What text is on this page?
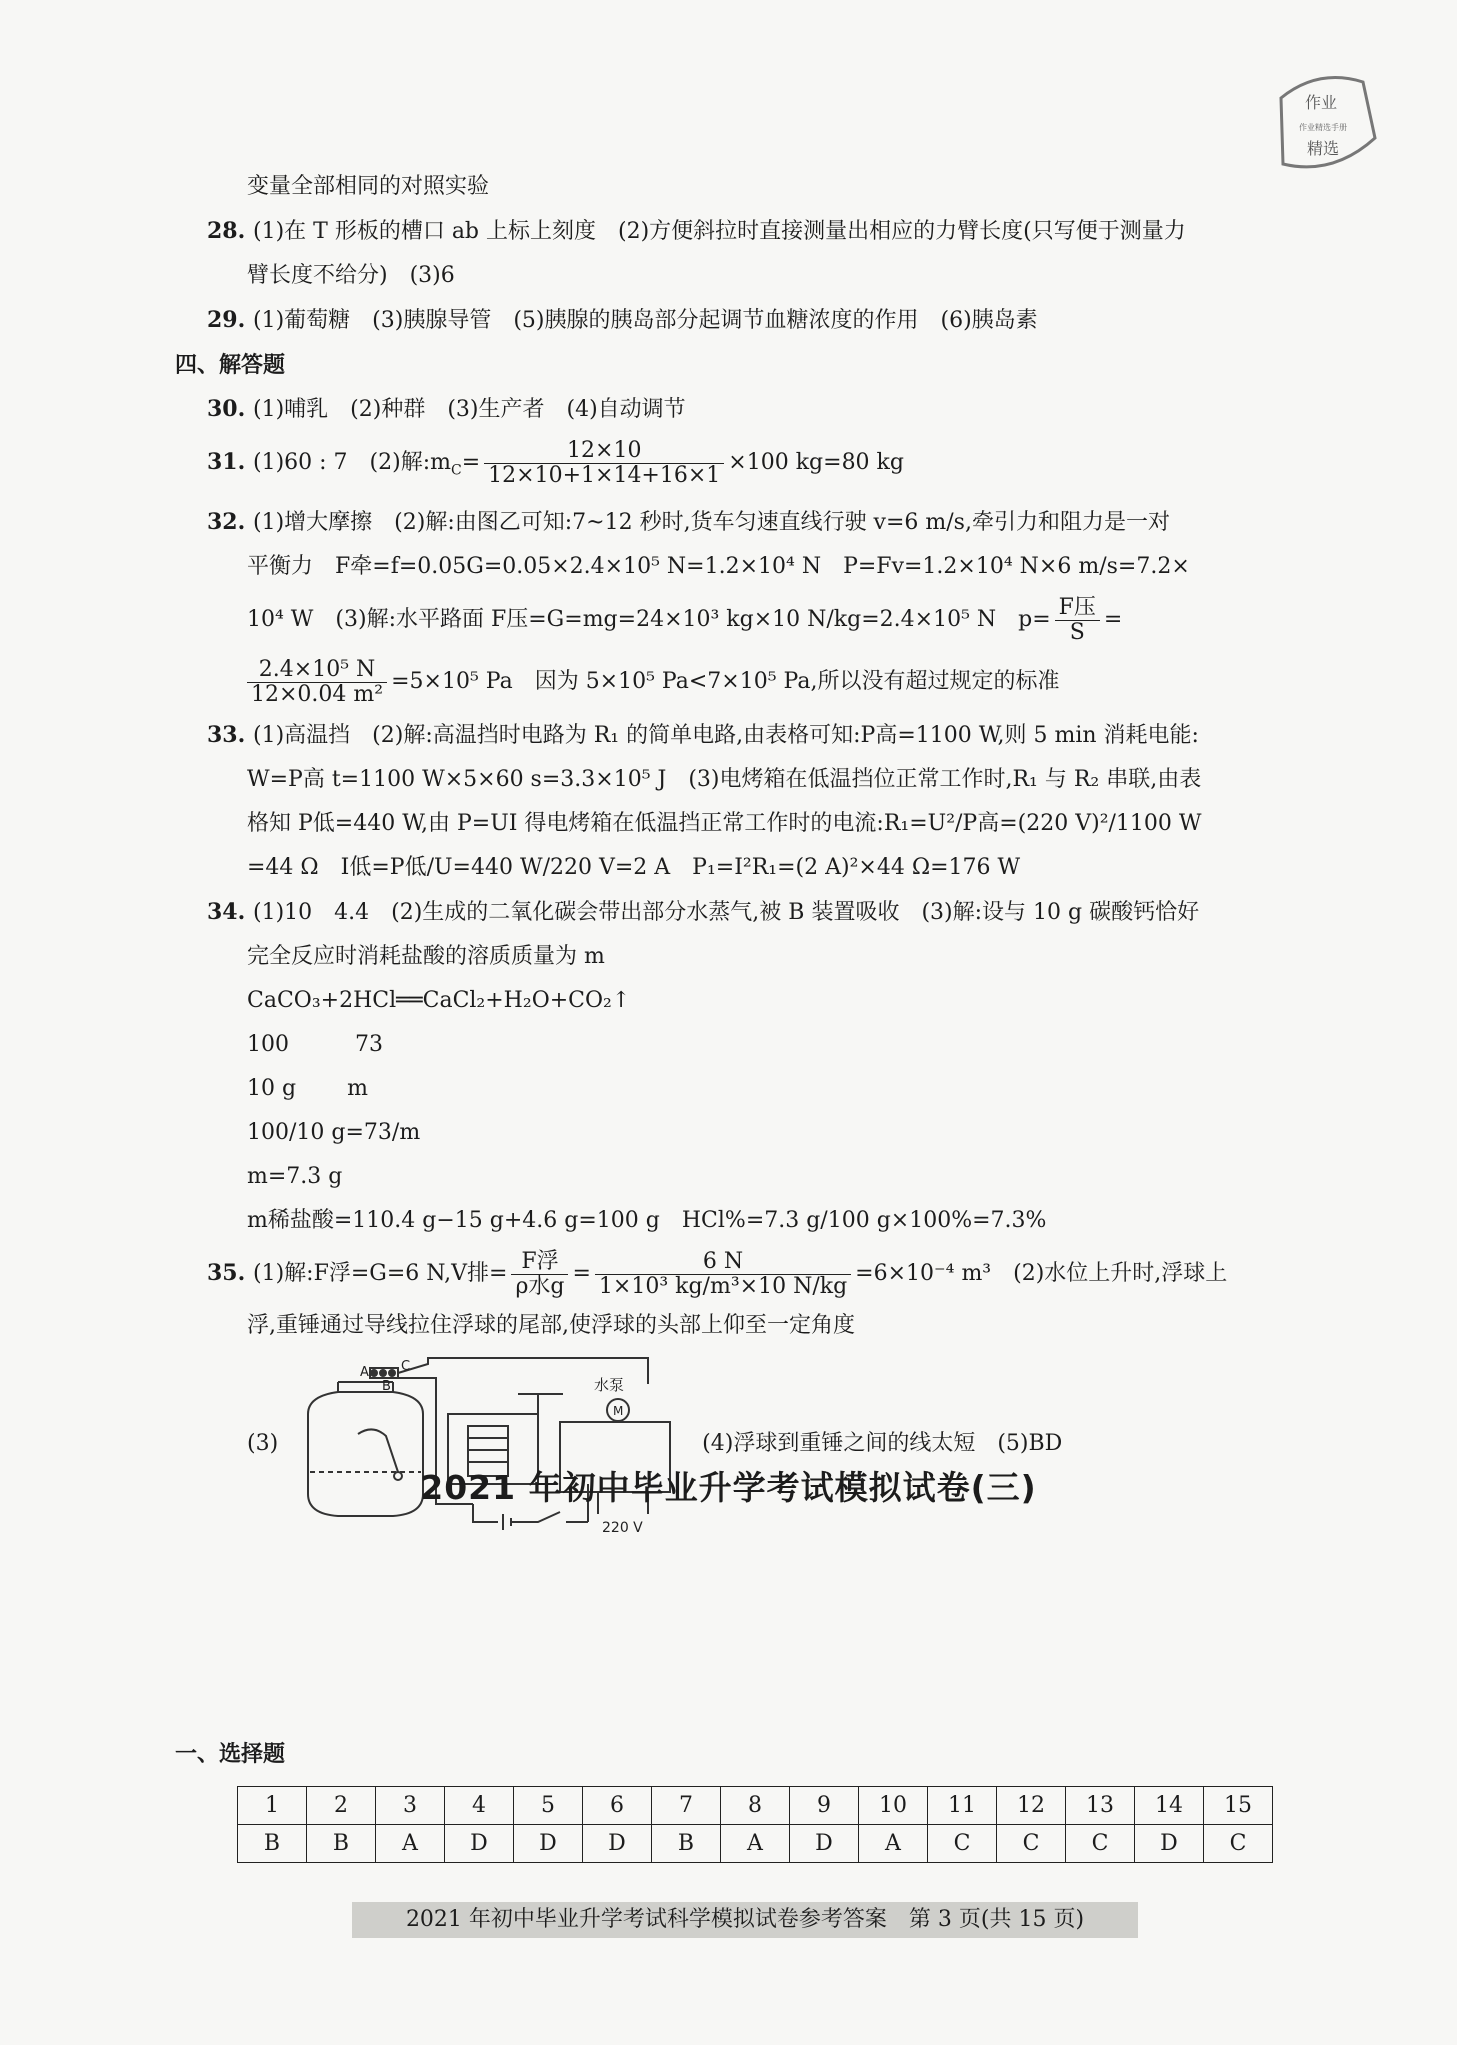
作业
作业精选手册
精选
变量全部相同的对照实验
28. (1)在 T 形板的槽口 ab 上标上刻度　(2)方便斜拉时直接测量出相应的力臂长度(只写便于测量力
臂长度不给分)　(3)6
29. (1)葡萄糖　(3)胰腺导管　(5)胰腺的胰岛部分起调节血糖浓度的作用　(6)胰岛素
四、解答题
30. (1)哺乳　(2)种群　(3)生产者　(4)自动调节
31. (1)60 : 7　(2)解$:m_C= \frac{12\times 10}{12\times 10+1\times 14+16\times 1} \times 100$ kg=80 kg
32. (1)增大摩擦　(2)解:由图乙可知:7~12 秒时,货车匀速直线行驶 v=6 m/s,牵引力和阻力是一对
平衡力　F牵=f=0.05G=0.05×2.4×10⁵ N=1.2×10⁴ N　P=Fv=1.2×10⁴ N×6 m/s=7.2×
10⁴ W　(3)解:水平路面 F压=G=mg=24×10³ kg×10 N/kg=2.4×10⁵ N　$p= \frac{\text{F压}}{S}$ =
$\frac{\text{2.4×10⁵ N}}{\text{12×0.04 m²}} =5\times 10^5$ Pa　因为 5×10⁵ Pa<7×10⁵ Pa,所以没有超过规定的标准
33. (1)高温挡　(2)解:高温挡时电路为 R₁ 的简单电路,由表格可知:P高=1100 W,则 5 min 消耗电能:
W=P高 t=1100 W×5×60 s=3.3×10⁵ J　(3)电烤箱在低温挡位正常工作时,R₁ 与 R₂ 串联,由表
格知 P低=440 W,由 P=UI 得电烤箱在低温挡正常工作时的电流:R₁=U²/P高=(220 V)²/1100 W
=44 Ω　I低=P低/U=440 W/220 V=2 A　P₁=I²R₁=(2 A)²×44 Ω=176 W
34. (1)10　4.4　(2)生成的二氧化碳会带出部分水蒸气,被 B 装置吸收　(3)解:设与 10 g 碳酸钙恰好
完全反应时消耗盐酸的溶质质量为 m
CaCO₃+2HCl══CaCl₂+H₂O+CO₂↑
100　　　73
10 g　　 m
100/10 g=73/m
m=7.3 g
m稀盐酸=110.4 g−15 g+4.6 g=100 g　HCl%=7.3 g/100 g×100%=7.3%
35. (1)解:F浮=G=6 N,V排= $\frac{\text{F浮}}{\text{ρ水g}} = \frac{6 N}{\text{1×10³ kg/m³×10 N/kg}} =6\times 10^{-4}$ m³　(2)水位上升时,浮球上
浮,重锤通过导线拉住浮球的尾部,使浮球的头部上仰至一定角度
(3)
A
B
C
水泵
M
220 V
(4)浮球到重锤之间的线太短　(5)BD
2021 年初中毕业升学考试模拟试卷(三)
一、选择题
1	2	3	4	5	6	7	8	9	10	11	12	13	14	15
B	B	A	D	D	D	B	A	D	A	C	C	C	D	C
2021 年初中毕业升学考试科学模拟试卷参考答案　第 3 页(共 15 页)
